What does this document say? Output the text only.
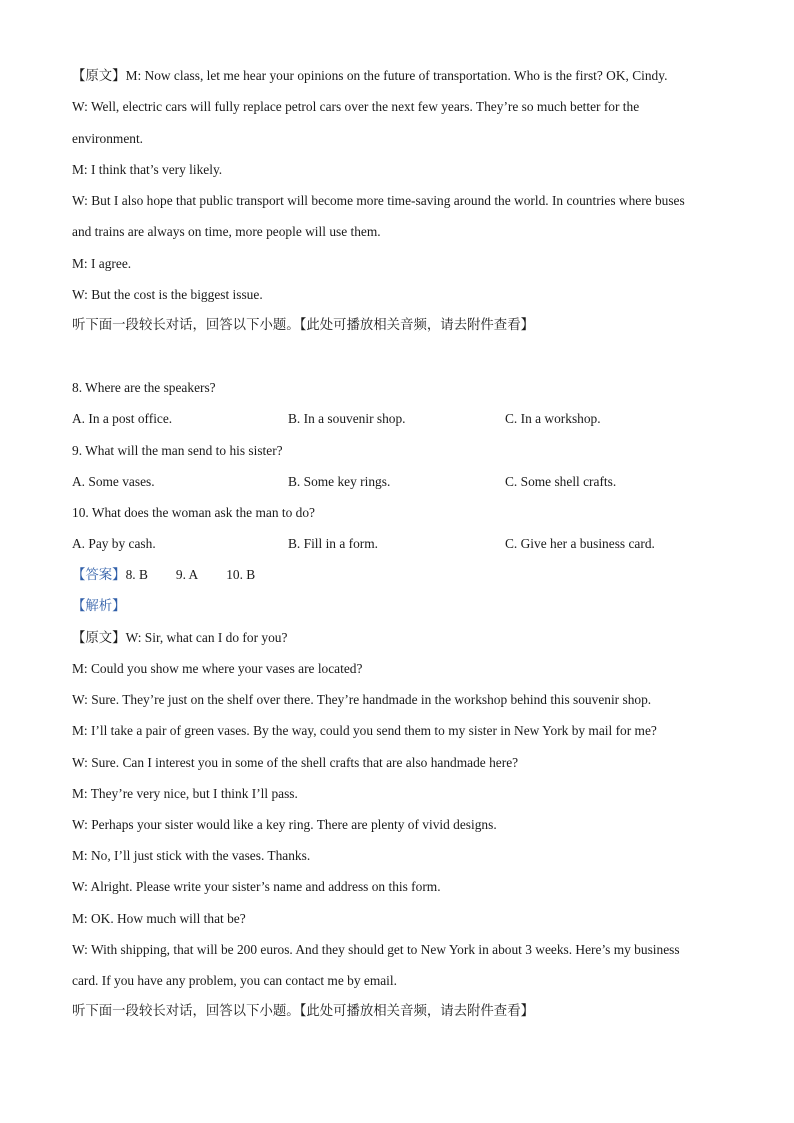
【原文】M: Now class, let me hear your opinions on the future of transportation. Who is the first? OK, Cindy.
W: Well, electric cars will fully replace petrol cars over the next few years. They’re so much better for the
environment.
M: I think that’s very likely.
W: But I also hope that public transport will become more time-saving around the world. In countries where buses
and trains are always on time, more people will use them.
M: I agree.
W: But the cost is the biggest issue.
听下面一段较长对话，回答以下小题。【此处可播放相关音频，请去附件查看】
8. Where are the speakers?
A. In a post office.	B. In a souvenir shop.	C. In a workshop.
9. What will the man send to his sister?
A. Some vases.	B. Some key rings.	C. Some shell crafts.
10. What does the woman ask the man to do?
A. Pay by cash.	B. Fill in a form.	C. Give her a business card.
【答案】8. B 9. A 10. B
【解析】
【原文】W: Sir, what can I do for you?
M: Could you show me where your vases are located?
W: Sure. They’re just on the shelf over there. They’re handmade in the workshop behind this souvenir shop.
M: I’ll take a pair of green vases. By the way, could you send them to my sister in New York by mail for me?
W: Sure. Can I interest you in some of the shell crafts that are also handmade here?
M: They’re very nice, but I think I’ll pass.
W: Perhaps your sister would like a key ring. There are plenty of vivid designs.
M: No, I’ll just stick with the vases. Thanks.
W: Alright. Please write your sister’s name and address on this form.
M: OK. How much will that be?
W: With shipping, that will be 200 euros. And they should get to New York in about 3 weeks. Here’s my business
card. If you have any problem, you can contact me by email.
听下面一段较长对话，回答以下小题。【此处可播放相关音频，请去附件查看】
